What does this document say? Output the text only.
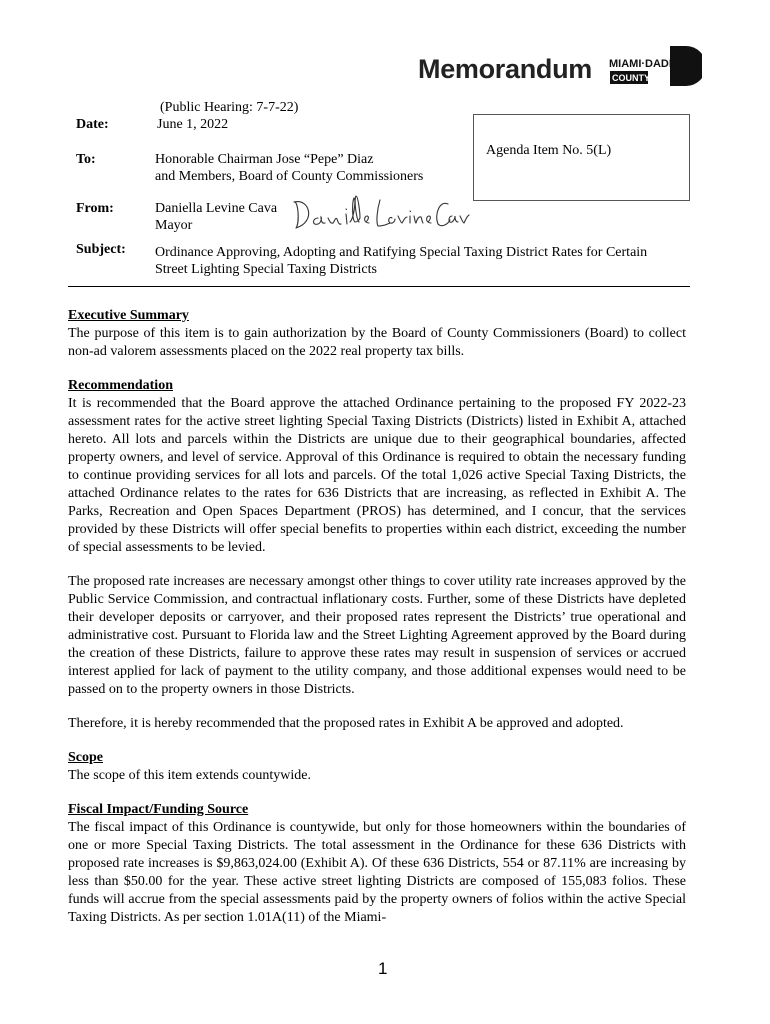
Memorandum MIAMI·DADE
COUNTY
(Public Hearing: 7-7-22)
Date:	June 1, 2022
To:	Honorable Chairman Jose “Pepe” Diaz
and Members, Board of County Commissioners
Agenda Item No. 5(L)
From:	Daniella Levine Cava
Mayor
Subject: Ordinance Approving, Adopting and Ratifying Special Taxing District Rates for Certain
Street Lighting Special Taxing Districts

Executive Summary

The purpose of this item is to gain authorization by the Board of County Commissioners (Board) to collect non-ad valorem assessments placed on the 2022 real property tax bills.

Recommendation

It is recommended that the Board approve the attached Ordinance pertaining to the proposed FY 2022-23 assessment rates for the active street lighting Special Taxing Districts (Districts) listed in Exhibit A, attached hereto. All lots and parcels within the Districts are unique due to their geographical boundaries, affected property owners, and level of service. Approval of this Ordinance is required to obtain the necessary funding to continue providing services for all lots and parcels. Of the total 1,026 active Special Taxing Districts, the attached Ordinance relates to the rates for 636 Districts that are increasing, as reflected in Exhibit A. The Parks, Recreation and Open Spaces Department (PROS) has determined, and I concur, that the services provided by these Districts will offer special benefits to properties within each district, exceeding the number of special assessments to be levied.

The proposed rate increases are necessary amongst other things to cover utility rate increases approved by the Public Service Commission, and contractual inflationary costs. Further, some of these Districts have depleted their developer deposits or carryover, and their proposed rates represent the Districts’ true operational and administrative cost. Pursuant to Florida law and the Street Lighting Agreement approved by the Board during the creation of these Districts, failure to approve these rates may result in suspension of services or accrued interest applied for lack of payment to the utility company, and those additional expenses would need to be passed on to the property owners in those Districts.

Therefore, it is hereby recommended that the proposed rates in Exhibit A be approved and adopted.

Scope

The scope of this item extends countywide.

Fiscal Impact/Funding Source

The fiscal impact of this Ordinance is countywide, but only for those homeowners within the boundaries of one or more Special Taxing Districts. The total assessment in the Ordinance for these 636 Districts with proposed rate increases is $9,863,024.00 (Exhibit A). Of these 636 Districts, 554 or 87.11% are increasing by less than $50.00 for the year. These active street lighting Districts are composed of 155,083 folios. These funds will accrue from the special assessments paid by the property owners of folios within the active Special Taxing Districts. As per section 1.01A(11) of the Miami-

1
